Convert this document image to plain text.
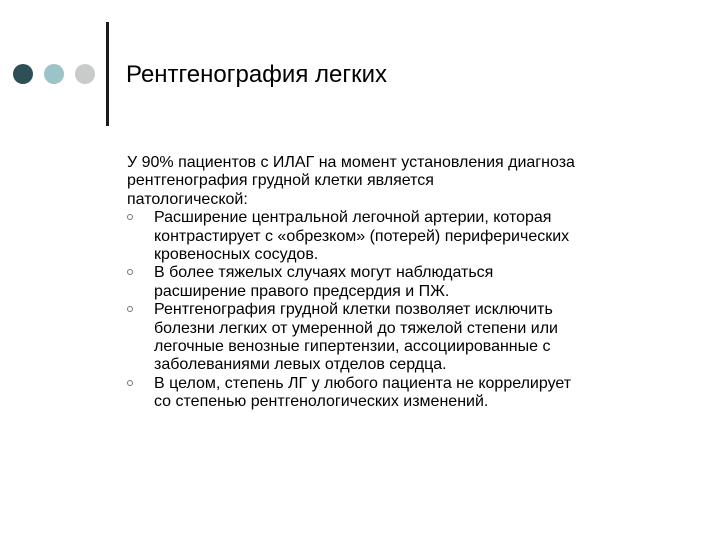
Рентгенография легких
У 90% пациентов с ИЛАГ на момент установления диагноза
рентгенография грудной клетки является
патологической:
Расширение центральной легочной артерии, которая
контрастирует с «обрезком» (потерей) периферических
кровеносных сосудов.
В более тяжелых случаях могут наблюдаться
расширение правого предсердия и ПЖ.
Рентгенография грудной клетки позволяет исключить
болезни легких от умеренной до тяжелой степени или
легочные венозные гипертензии, ассоциированные с
заболеваниями левых отделов сердца.
В целом, степень ЛГ у любого пациента не коррелирует
со степенью рентгенологических изменений.
